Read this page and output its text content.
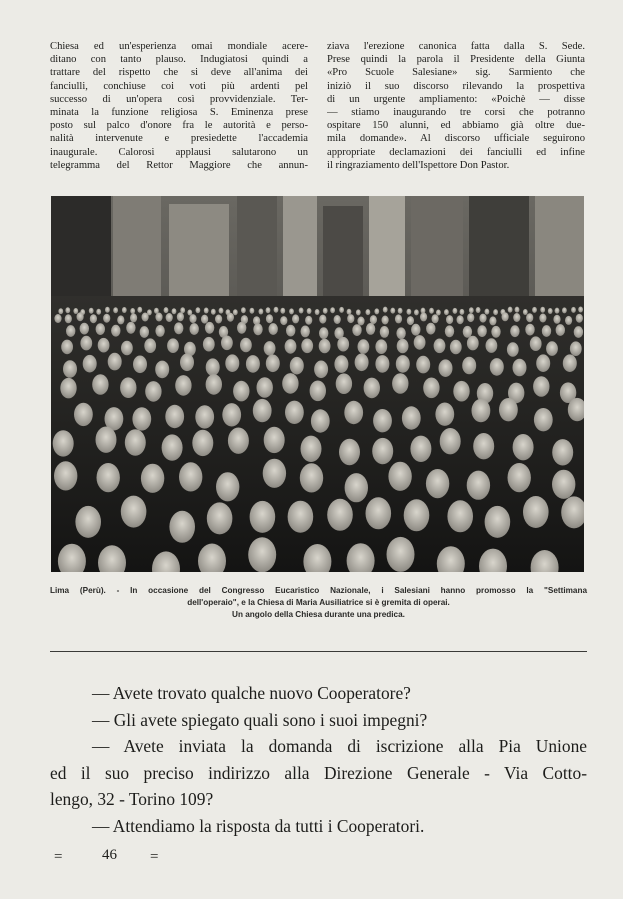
Chiesa ed un'esperienza omai mondiale acere-
ditano con tanto plauso. Indugiatosi quindi a
trattare del rispetto che si deve all'anima dei
fanciulli, conchiuse coi voti più ardenti pel
successo di un'opera così provvidenziale. Ter-
minata la funzione religiosa S. Eminenza prese
posto sul palco d'onore fra le autorità e perso-
nalità intervenute e presiedette l'accademia
inaugurale. Calorosi applausi salutarono un
telegramma del Rettor Maggiore che annun-
ziava l'erezione canonica fatta dalla S. Sede.
Prese quindi la parola il Presidente della Giunta
«Pro Scuole Salesiane» sig. Sarmiento che
iniziò il suo discorso rilevando la prospettiva
di un urgente ampliamento: «Poichè — disse
— stiamo inaugurando tre corsi che potranno
ospitare 150 alunni, ed abbiamo già oltre due-
mila domande». Al discorso ufficiale seguirono
appropriate declamazioni dei fanciulli ed infine
il ringraziamento dell'Ispettore Don Pastor.
Lima (Perù). - In occasione del Congresso Eucaristico Nazionale, i Salesiani hanno promosso la "Settimana
dell'operaio", e la Chiesa di Maria Ausiliatrice si è gremita di operai.
Un angolo della Chiesa durante una predica.
— Avete trovato qualche nuovo Cooperatore?
— Gli avete spiegato quali sono i suoi impegni?
— Avete inviata la domanda di iscrizione alla Pia Unione
ed il suo preciso indirizzo alla Direzione Generale - Via Cotto-
lengo, 32 - Torino 109?
— Attendiamo la risposta da tutti i Cooperatori.
=	46 =
